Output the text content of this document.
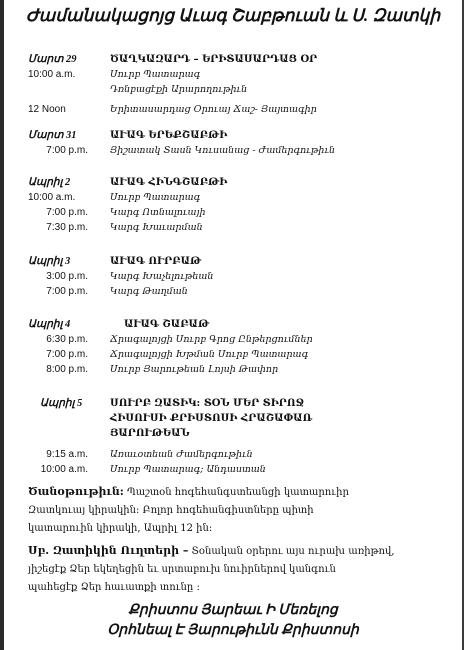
Ժամանակացոյց Աւագ Շաբթուան և Ս. Զատկի
Մարտ 29	ԾԱՂԿԱԶԱՐԴ – ԵՐԻՏԱՍԱՐԴԱՑ ՕՐ
10:00 a.m.	Սուրբ Պատարագ
Դռնբացէքի Արարողութիւն
12 Noon	Երիտասարդաց Օրուայ Ճաշ- Յայտագիր
Մարտ 31	ԱՒԱԳ ԵՐԵՔՇԱԲԹԻ
7:00 p.m. Յիշատակ Տասն Կուսանաց - Ժամերգութիւն
Ապրիլ 2	ԱՒԱԳ ՀԻՆԳՇԱԲԹԻ
10:00 a.m.	Սուրբ Պատարագ
7:00 p.m. Կարգ Ոտնալուայի
7:30 p.m. Կարգ Խաւարման
Ապրիլ 3	ԱՒԱԳ ՈՒՐԲԱԹ
3:00 p.m. Կարգ Խաչելութեան
7:00 p.m. Կարգ Թաղման
Ապրիլ 4	ԱՒԱԳ ՇԱԲԱԹ
6:30 p.m. Ճրագալոյցի Սուրբ Գրոց Ընթերցումներ
7:00 p.m. Ճրագալոյցի Խթման Սուրբ Պատարագ
8:00 p.m. Սուրբ Յարութեան Լոյսի Թափոր
Ապրիլ 5	ՍՈՒՐԲ ԶԱՏԻԿ: ՏՕՆ ՄԵՐ ՏԻՐՈՋ
ՀԻՍՈՒՍԻ ՔՐԻՍՏՈՍԻ ՀՐԱՇԱՓԱՌ
ՅԱՐՈՒԹԵԱՆ
9:15 a.m. Առաւօտեան Ժամերգութիւն
10:00 a.m. Սուրբ Պատարագ; Անդաստան
Ծանօթութիւն: Պաշտօն հոգեհանգստեանցի կատարուիր
Զատկուայ կիրակին: Բոլոր հոգեհանգիստները պիտի
կատարուին կիրակի, Ապրիլ 12 ին:
Սբ. Զատիկին Ուղտերի – Տօնական օրերու այս ուրախ առիթով,
յիշեցէք Ձեր եկեղեցին եւ սրտաբուխ նուիրներով կանգուն
պահեցէք Ձեր հաւատքի տունը :
Քրիստոս Յարեաւ Ի Մեռելոց
Օրհնեալ Է Յարութիւնն Քրիստոսի
